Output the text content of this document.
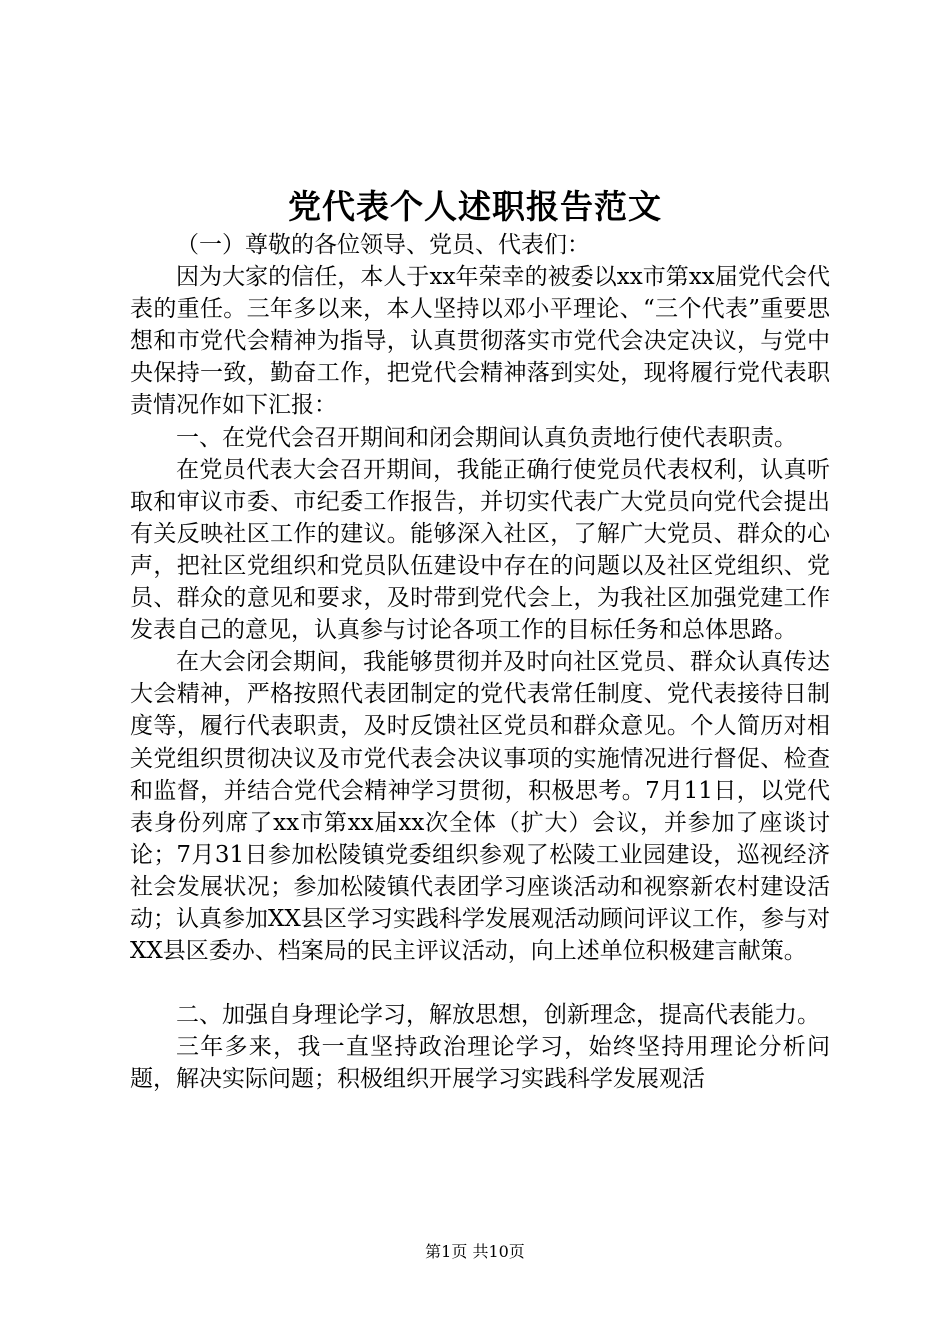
党代表个人述职报告范文

（一）尊敬的各位领导、党员、代表们：

因为大家的信任，本人于xx年荣幸的被委以xx市第xx届党代会代表的重任。三年多以来，本人坚持以邓小平理论、“三个代表”重要思想和市党代会精神为指导，认真贯彻落实市党代会决定决议，与党中央保持一致，勤奋工作，把党代会精神落到实处，现将履行党代表职责情况作如下汇报：

一、在党代会召开期间和闭会期间认真负责地行使代表职责。

在党员代表大会召开期间，我能正确行使党员代表权利，认真听取和审议市委、市纪委工作报告，并切实代表广大党员向党代会提出有关反映社区工作的建议。能够深入社区，了解广大党员、群众的心声，把社区党组织和党员队伍建设中存在的问题以及社区党组织、党员、群众的意见和要求，及时带到党代会上，为我社区加强党建工作发表自己的意见，认真参与讨论各项工作的目标任务和总体思路。

在大会闭会期间，我能够贯彻并及时向社区党员、群众认真传达大会精神，严格按照代表团制定的党代表常任制度、党代表接待日制度等，履行代表职责，及时反馈社区党员和群众意见。个人简历对相关党组织贯彻决议及市党代表会决议事项的实施情况进行督促、检查和监督，并结合党代会精神学习贯彻，积极思考。7月11日，以党代表身份列席了xx市第xx届xx次全体（扩大）会议，并参加了座谈讨论；7月31日参加松陵镇党委组织参观了松陵工业园建设，巡视经济社会发展状况；参加松陵镇代表团学习座谈活动和视察新农村建设活动；认真参加XX县区学习实践科学发展观活动顾问评议工作，参与对XX县区委办、档案局的民主评议活动，向上述单位积极建言献策。

二、加强自身理论学习，解放思想，创新理念，提高代表能力。

三年多来，我一直坚持政治理论学习，始终坚持用理论分析问题，解决实际问题；积极组织开展学习实践科学发展观活

第1页 共10页
